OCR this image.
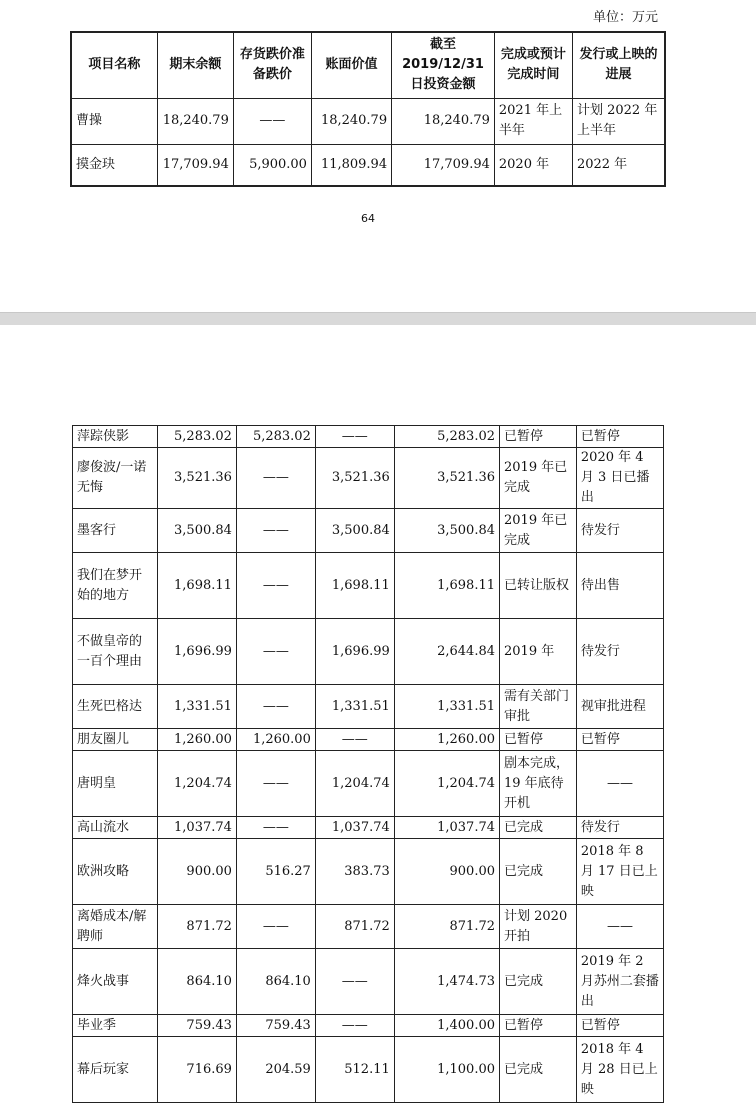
单位：万元
项目名称	期末余额	存货跌价准备跌价	账面价值	截至2019/12/31日投资金额	完成或预计完成时间	发行或上映的进展
曹操	18,240.79	——	18,240.79	18,240.79	2021 年上半年	计划 2022 年上半年
摸金玦	17,709.94	5,900.00	11,809.94	17,709.94	2020 年	2022 年
64
萍踪侠影	5,283.02	5,283.02	——	5,283.02	已暂停	已暂停
廖俊波/一诺无悔	3,521.36	——	3,521.36	3,521.36	2019 年已完成	2020 年 4 月 3 日已播出
墨客行	3,500.84	——	3,500.84	3,500.84	2019 年已完成	待发行
我们在梦开始的地方	1,698.11	——	1,698.11	1,698.11	已转让版权	待出售
不做皇帝的一百个理由	1,696.99	——	1,696.99	2,644.84	2019 年	待发行
生死巴格达	1,331.51	——	1,331.51	1,331.51	需有关部门审批	视审批进程
朋友圈儿	1,260.00	1,260.00	——	1,260.00	已暂停	已暂停
唐明皇	1,204.74	——	1,204.74	1,204.74	剧本完成，19 年底待开机	——
高山流水	1,037.74	——	1,037.74	1,037.74	已完成	待发行
欧洲攻略	900.00	516.27	383.73	900.00	已完成	2018 年 8 月 17 日已上映
离婚成本/解聘师	871.72	——	871.72	871.72	计划 2020 开拍	——
烽火战事	864.10	864.10	——	1,474.73	已完成	2019 年 2 月苏州二套播出
毕业季	759.43	759.43	——	1,400.00	已暂停	已暂停
幕后玩家	716.69	204.59	512.11	1,100.00	已完成	2018 年 4 月 28 日已上映
